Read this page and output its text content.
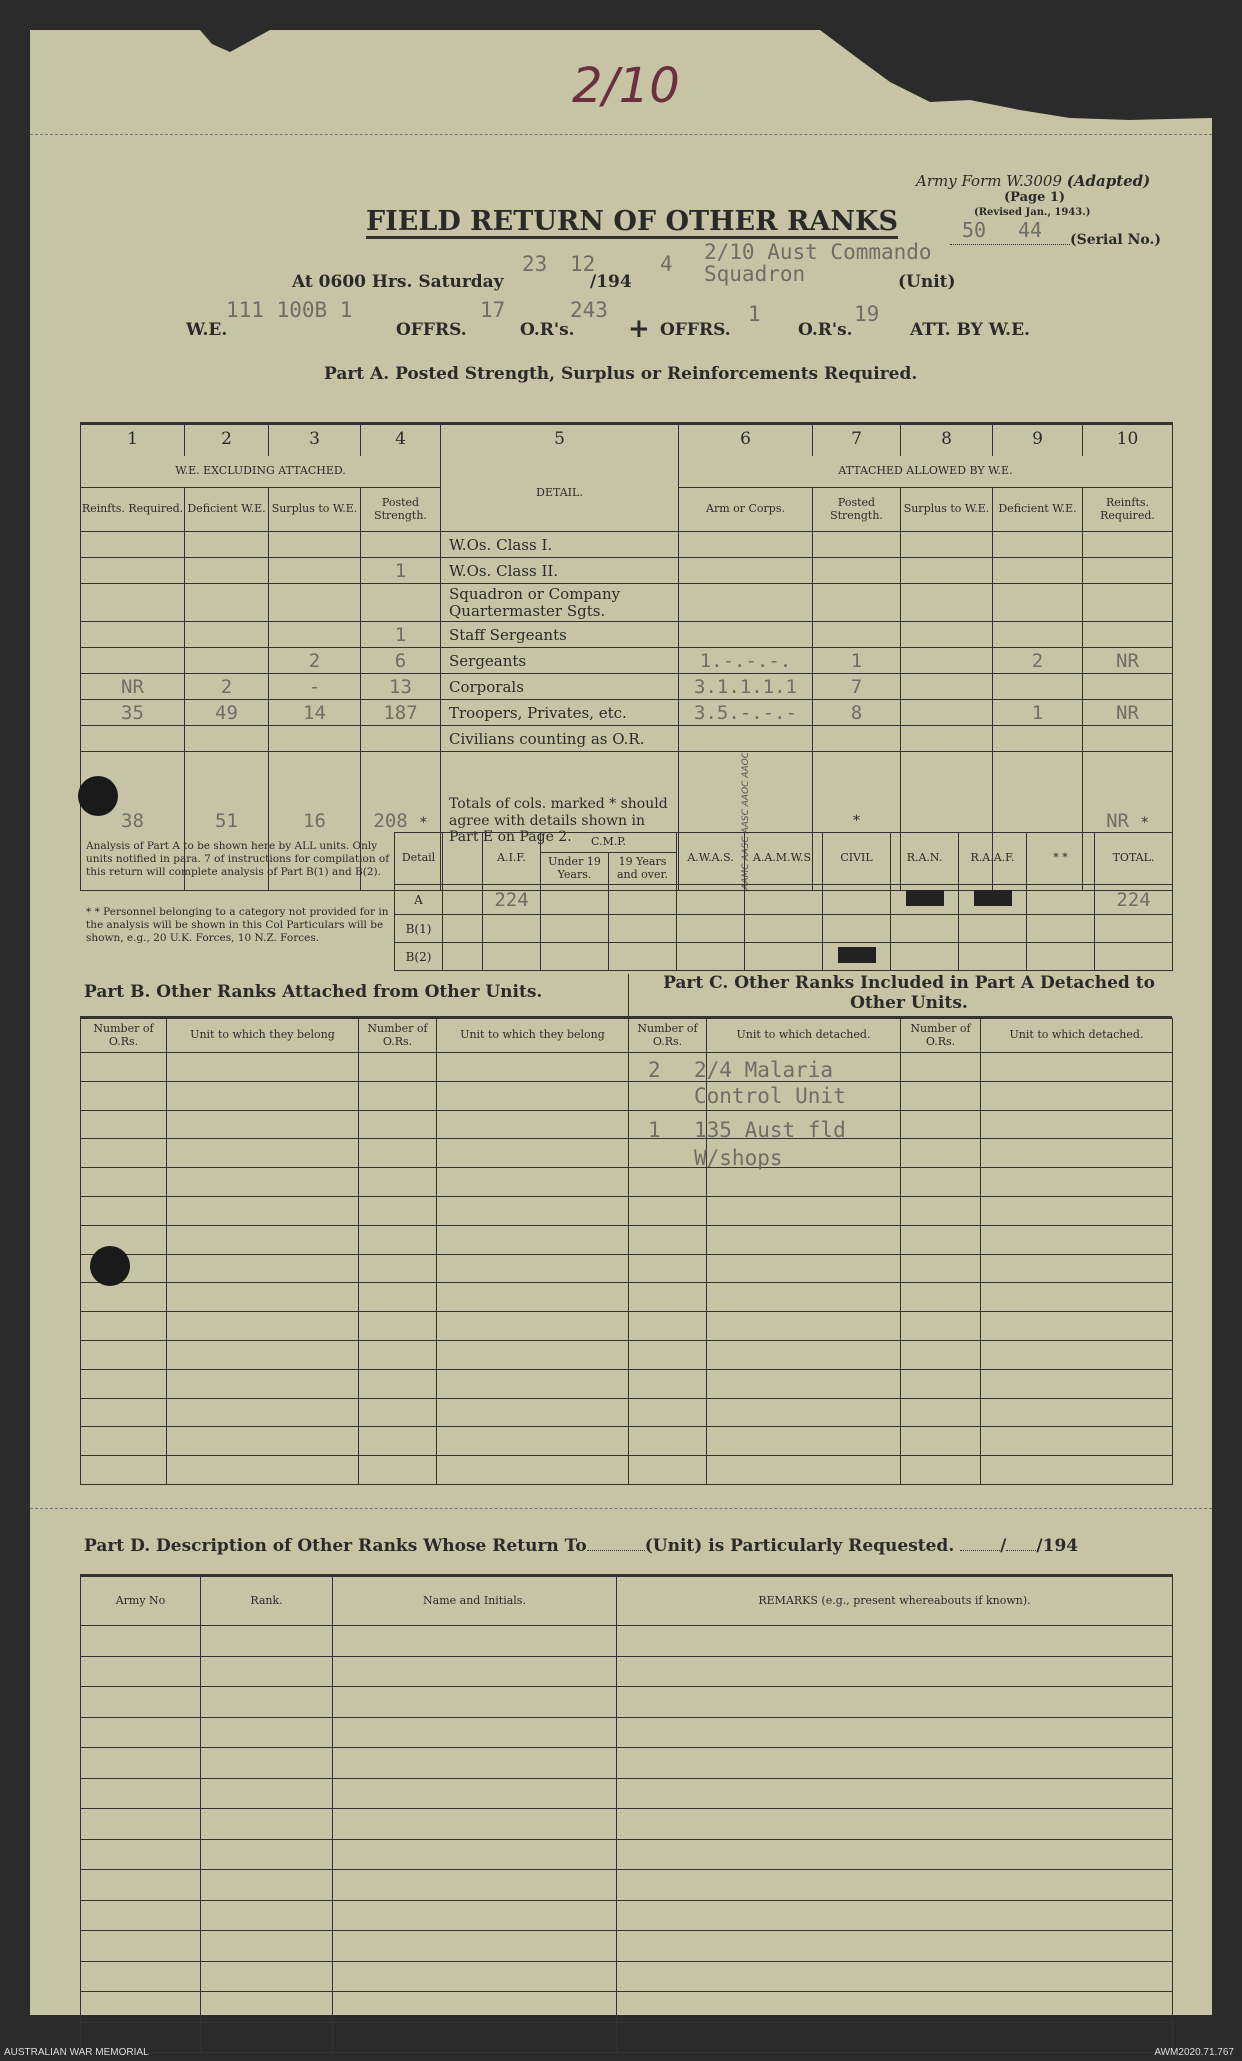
2/10
Army Form W.3009 (Adapted)
(Page 1)
(Revised Jan., 1943.)
FIELD RETURN OF OTHER RANKS	50 44 (Serial No.)
At 0600 Hrs. Saturday
23 12
/194
4 2/10 Aust Commando
Squadron	(Unit)
W.E.
111 100B 1
OFFRS.
17
O.R's.
243
+ OFFRS.
1
O.R's.
19
ATT. BY W.E.
Part A. Posted Strength, Surplus or Reinforcements Required.
1	2	3	4	5	6	7	8	9	10
W.E. EXCLUDING ATTACHED.				DETAIL.	ATTACHED ALLOWED BY W.E.				
Reinfts. Required.	Deficient W.E.	Surplus to W.E.	Posted Strength.		Arm or Corps.	Posted Strength.	Surplus to W.E.	Deficient W.E.	Reinfts. Required.
				W.Os. Class I.					
			1	W.Os. Class II.					
				Squadron or Company Quartermaster Sgts.					
			1	Staff Sergeants					
		2	6	Sergeants	1.-.-.-.	1		2	NR
NR	2	-	13	Corporals	3.1.1.1.1	7			
35	49	14	187	Troopers, Privates, etc.	3.5.-.-.-	8		1	NR
				Civilians counting as O.R.					
38	51	16	208 *	Totals of cols. marked * should agree with details shown in Part E on Page 2.	AAMC AASC AASC AAOC AAOC	*			NR *
Analysis of Part A to be shown here by ALL units. Only units notified in para. 7 of instructions for compilation of this return will complete analysis of Part B(1) and B(2).
* * Personnel belonging to a category not provided for in the analysis will be shown in this Col Particulars will be shown, e.g., 20 U.K. Forces, 10 N.Z. Forces.
Detail		A.I.F.	C.M.P.		A.W.A.S.	A.A.M.W.S.	CIVIL	R.A.N.	R.A.A.F.	* *	TOTAL.
			Under 19 Years.	19 Years and over.							
A		224									224
B(1)											
B(2)											
Part B. Other Ranks Attached from Other Units.	Part C. Other Ranks Included in Part A Detached to Other Units.
Number of O.Rs.	Unit to which they belong	Number of O.Rs.	Unit to which they belong

				Number of O.Rs.	Unit to which detached.	Number of O.Rs.	Unit to which detached.

2 2/4 Malaria
Control Unit
1 135 Aust fld
W/shops
Part D. Description of Other Ranks Whose Return To	(Unit) is Particularly Requested.	/ /194
Army No	Rank.	Name and Initials.	REMARKS (e.g., present whereabouts if known).

AUSTRALIAN WAR MEMORIAL	AWM2020.71.767
